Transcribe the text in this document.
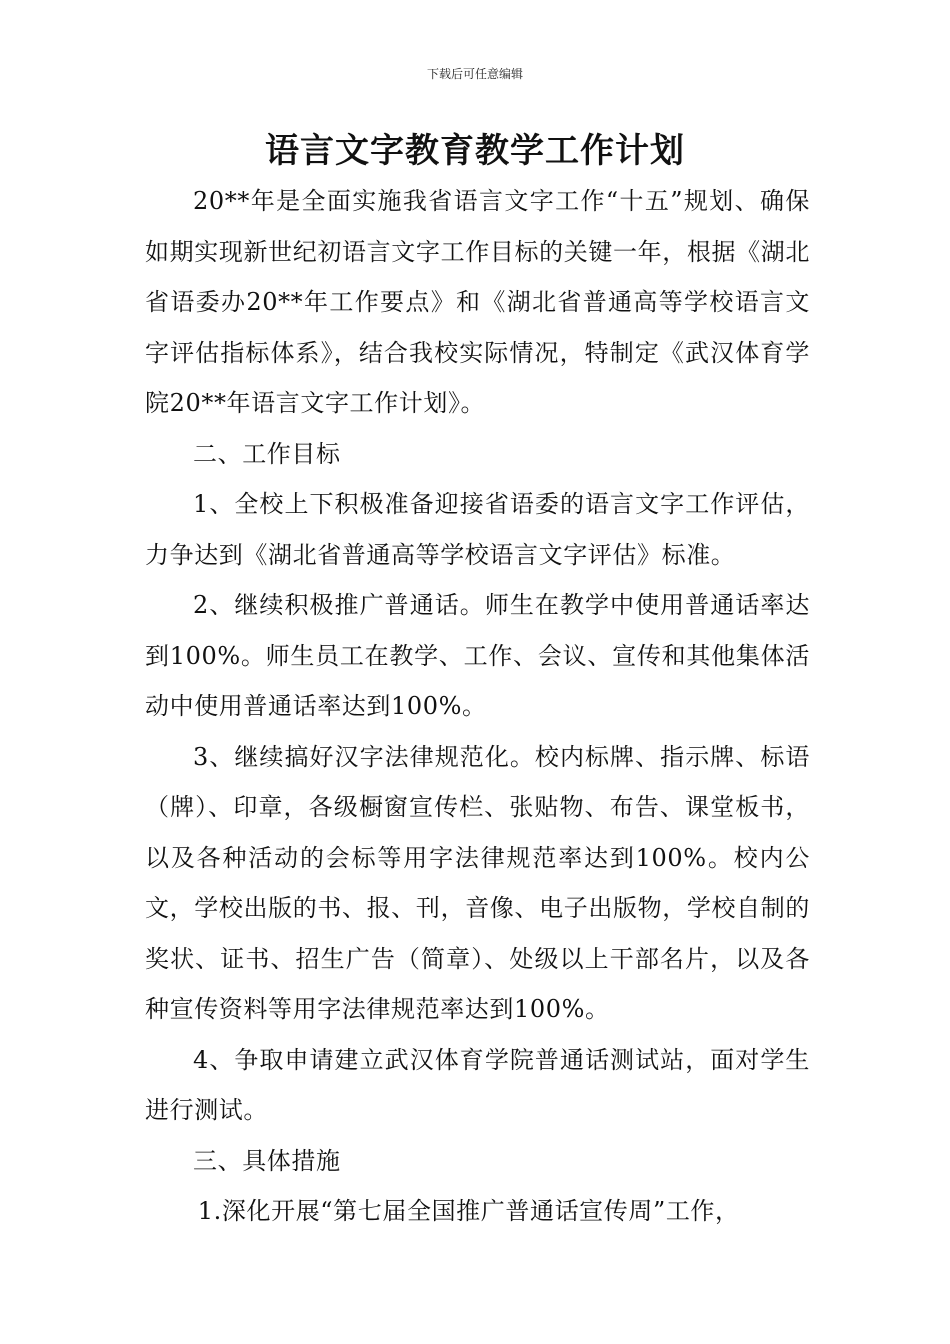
下载后可任意编辑
语言文字教育教学工作计划

20**年是全面实施我省语言文字工作“十五”规划、确保如期实现新世纪初语言文字工作目标的关键一年，根据《湖北省语委办20**年工作要点》和《湖北省普通高等学校语言文字评估指标体系》，结合我校实际情况，特制定《武汉体育学院20**年语言文字工作计划》。

二、工作目标

1、全校上下积极准备迎接省语委的语言文字工作评估，力争达到《湖北省普通高等学校语言文字评估》标准。

2、继续积极推广普通话。师生在教学中使用普通话率达到100%。师生员工在教学、工作、会议、宣传和其他集体活动中使用普通话率达到100%。

3、继续搞好汉字法律规范化。校内标牌、指示牌、标语（牌）、印章，各级橱窗宣传栏、张贴物、布告、课堂板书，以及各种活动的会标等用字法律规范率达到100%。校内公文，学校出版的书、报、刊，音像、电子出版物，学校自制的奖状、证书、招生广告（简章）、处级以上干部名片，以及各种宣传资料等用字法律规范率达到100%。

4、争取申请建立武汉体育学院普通话测试站，面对学生进行测试。

三、具体措施

1.深化开展“第七届全国推广普通话宣传周”工作，
